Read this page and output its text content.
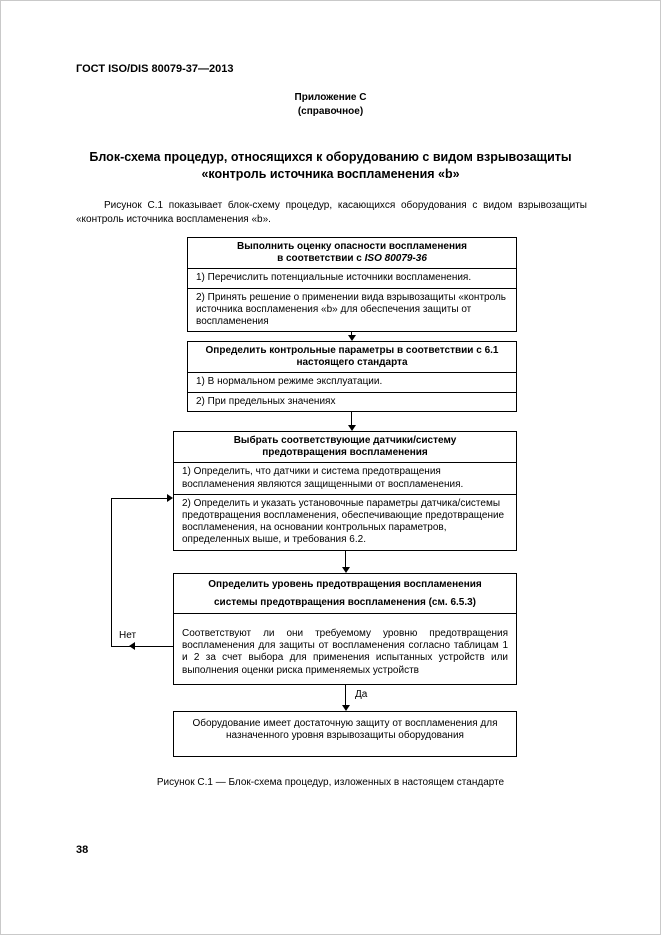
ГОСТ ISO/DIS 80079-37—2013
Приложение С
(справочное)
Блок-схема процедур, относящихся к оборудованию с видом взрывозащиты
«контроль источника воспламенения «b»
Рисунок С.1 показывает блок-схему процедур, касающихся оборудования с видом взрывозащиты «контроль источника воспламенения «b».
Да
Нет
Выполнить оценку опасности воспламенения
в соответствии с ISO 80079-36
1) Перечислить потенциальные источники воспламенения.
2) Принять решение о применении вида взрывозащиты «контроль источника воспламенения «b» для обеспечения защиты от воспламенения
Определить контрольные параметры в соответствии с 6.1
настоящего стандарта
1) В нормальном режиме эксплуатации.
2) При предельных значениях
Выбрать соответствующие датчики/систему
предотвращения воспламенения
1) Определить, что датчики и система предотвращения воспламенения являются защищенными от воспламенения.
2) Определить и указать установочные параметры датчика/системы предотвращения воспламенения, обеспечивающие предотвращение воспламенения, на основании контрольных параметров, определенных выше, и требования 6.2.
Определить уровень предотвращения воспламенения
системы предотвращения воспламенения (см. 6.5.3)
Соответствуют ли они требуемому уровню предотвращения воспламенения для защиты от воспламенения согласно таблицам 1 и 2 за счет выбора для применения испытанных устройств или выполнения оценки риска применяемых устройств
Оборудование имеет достаточную защиту от воспламенения для назначенного уровня взрывозащиты оборудования
Рисунок С.1 — Блок-схема процедур, изложенных в настоящем стандарте
38
